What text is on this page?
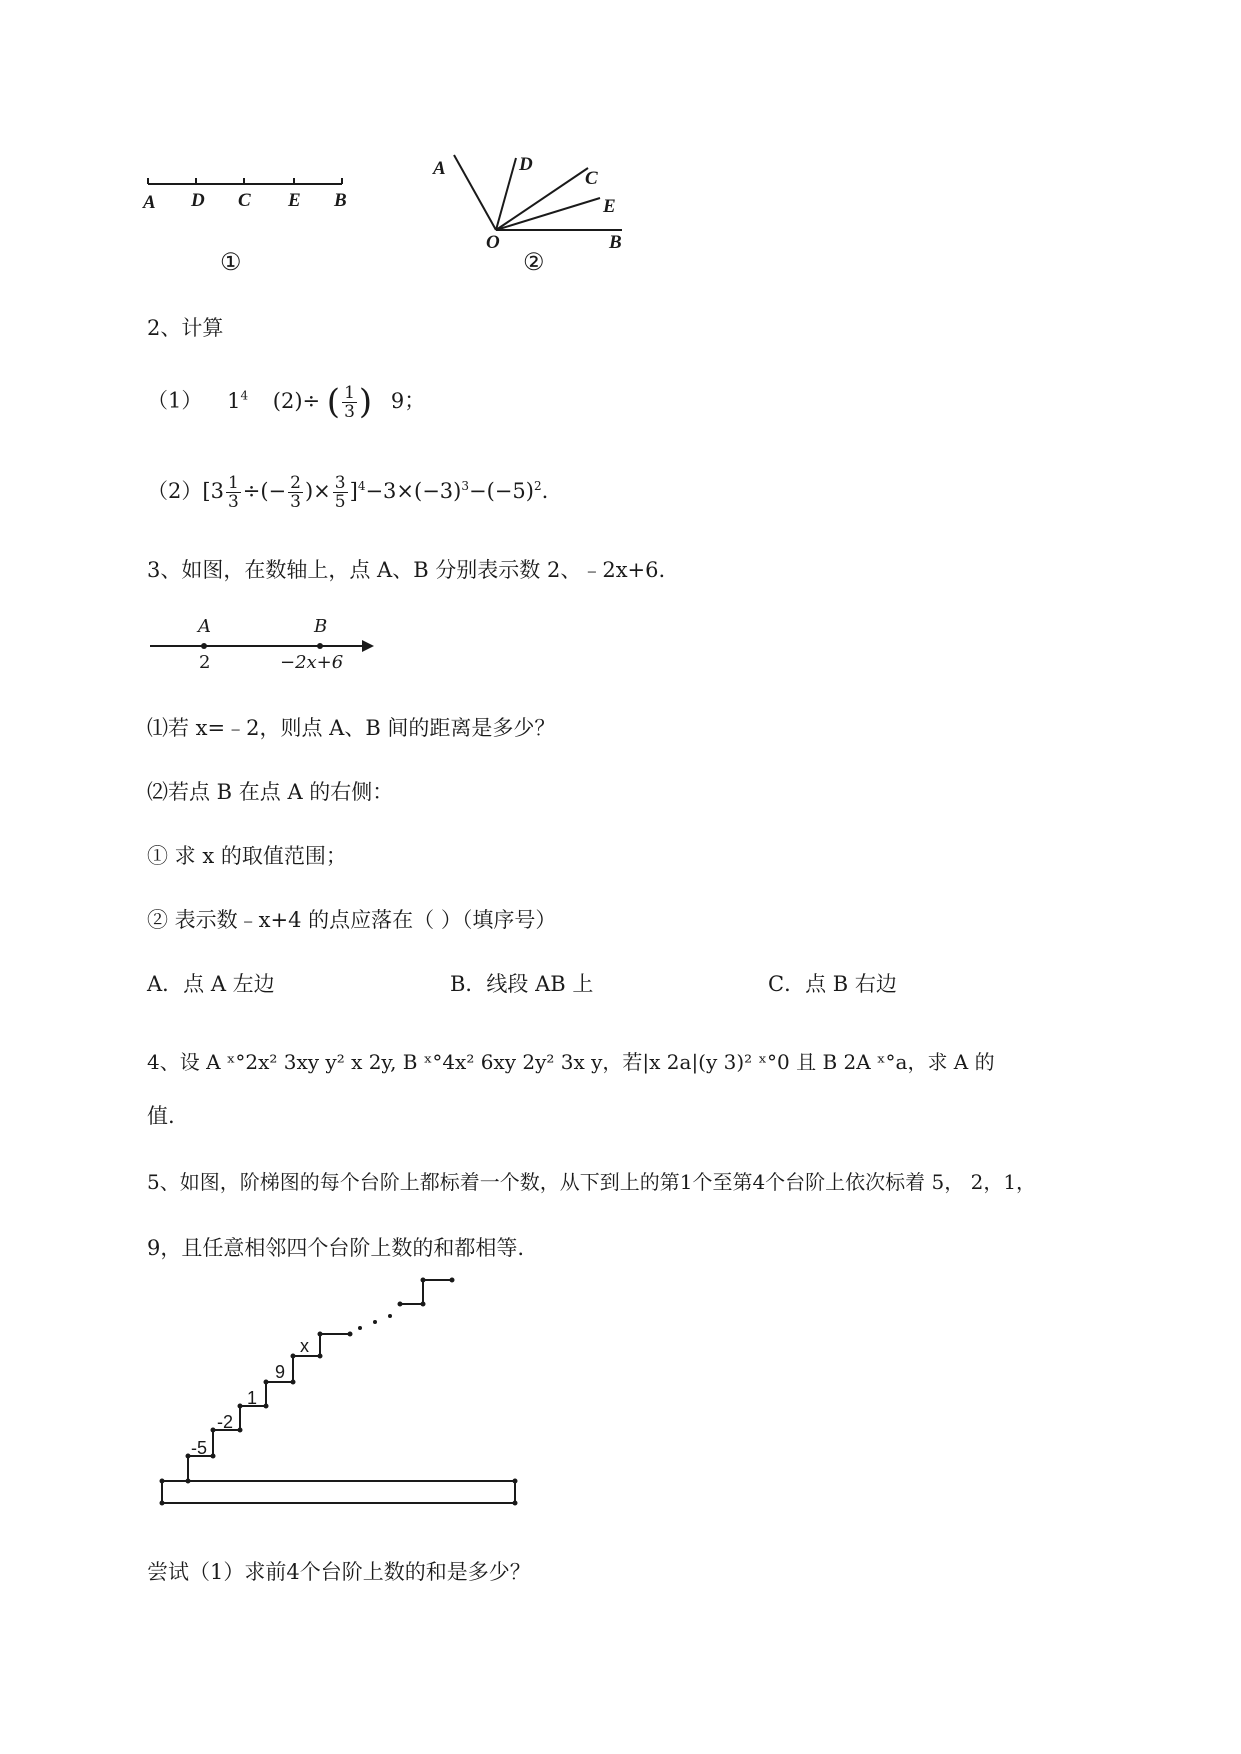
A D C E B
①
A	D
C
E
B
O
②
2、计算
（1） $1^4$ (2)÷ ( $\frac{1}{3}$ ) 9；
$(2)[3 \frac{1}{3}$ ÷(− $\frac{2}{3}$ )× $\frac{3}{5} ]^4-3\times(-3)^3-(-5)^2$.
3、如图，在数轴上，点 A、B 分别表示数 2、﹣2x+6.
A	B
2	−2x+6
⑴若 x=﹣2，则点 A、B 间的距离是多少？
⑵若点 B 在点 A 的右侧：
① 求 x 的取值范围；
② 表示数﹣x+4 的点应落在（ ）（填序号）
A．点 A 左边	B．线段 AB 上	C．点 B 右边
4、设 A ˣ°2x² 3xy y² x 2y, B ˣ°4x² 6xy 2y² 3x y，若|x 2a|(y 3)² ˣ°0 且 B 2A ˣ°a，求 A 的
值.
5、如图，阶梯图的每个台阶上都标着一个数，从下到上的第1个至第4个台阶上依次标着 5， 2，1，
9，且任意相邻四个台阶上数的和都相等.
-5
-2
1
9
x
尝试（1）求前4个台阶上数的和是多少？
